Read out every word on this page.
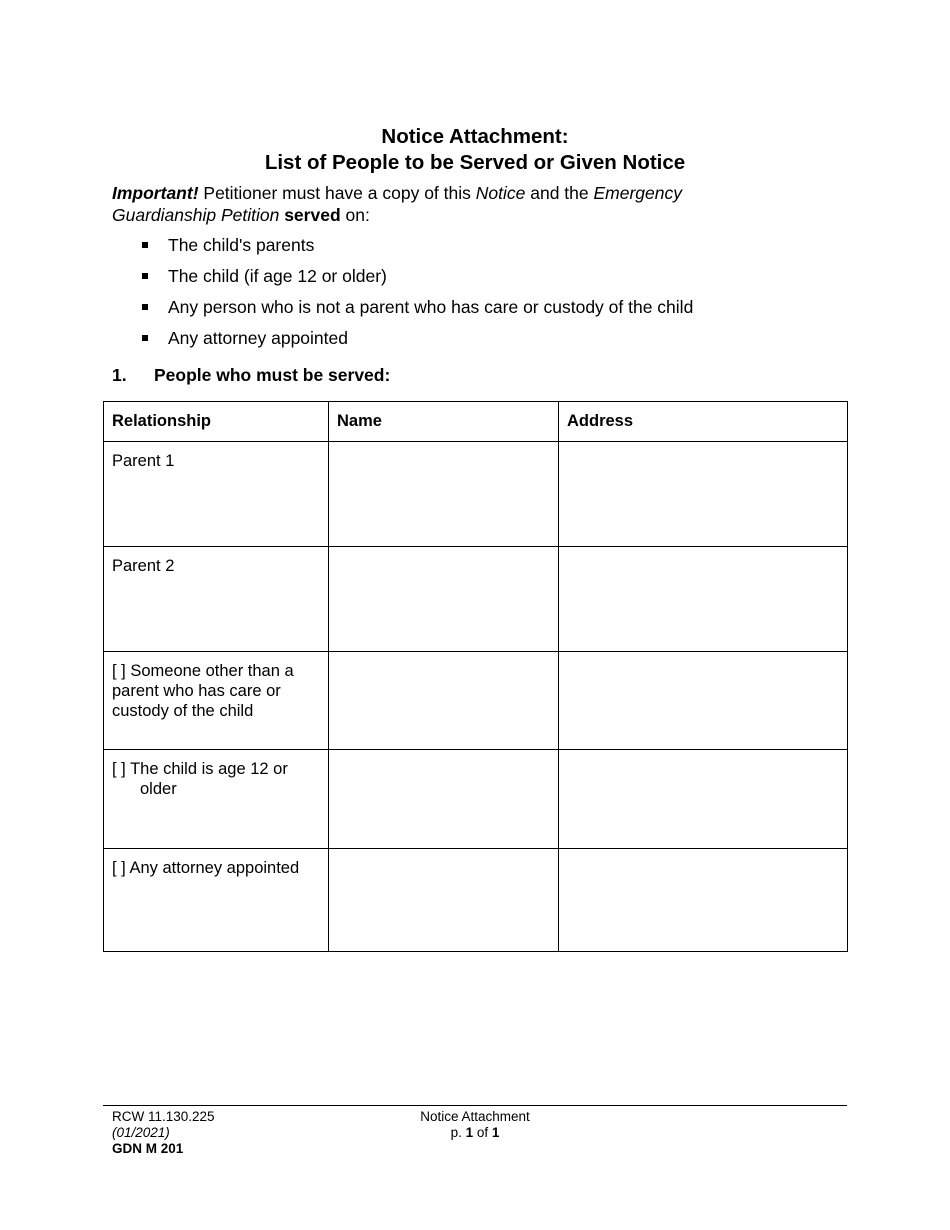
Notice Attachment:
List of People to be Served or Given Notice
Important! Petitioner must have a copy of this Notice and the Emergency Guardianship Petition served on:
The child's parents
The child (if age 12 or older)
Any person who is not a parent who has care or custody of the child
Any attorney appointed
1. People who must be served:
Relationship	Name	Address
Parent 1		
Parent 2		
[ ] Someone other than a parent who has care or custody of the child		

[ ] The child is age 12 or older		

[ ] Any attorney appointed		
RCW 11.130.225
(01/2021)
GDN M 201
Notice Attachment
p. 1 of 1
